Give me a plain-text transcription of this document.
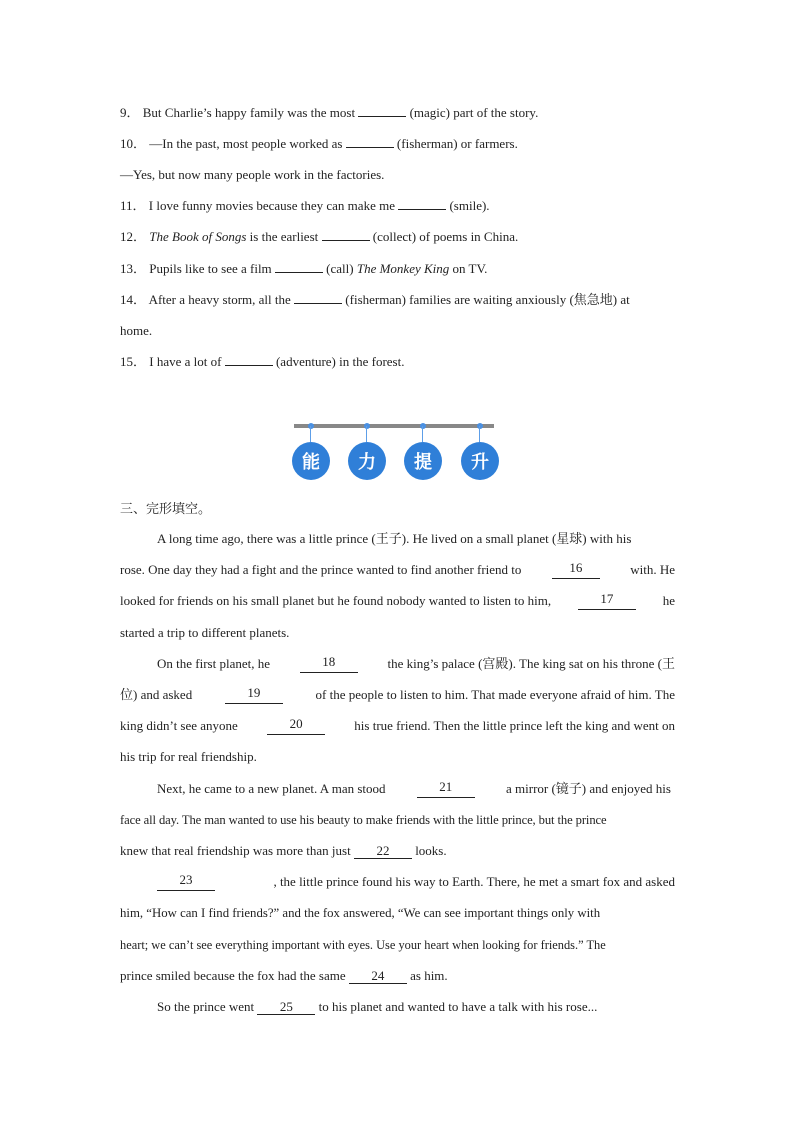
9． But Charlie’s happy family was the most	(magic) part of the story.
10． —In the past, most people worked as	(fisherman) or farmers.
—Yes, but now many people work in the factories.
11． I love funny movies because they can make me	(smile).
12． The Book of Songs is the earliest	(collect) of poems in China.
13． Pupils like to see a film	(call) The Monkey King on TV.
14． After a heavy storm, all the	(fisherman) families are waiting anxiously (焦急地) at
home.
15． I have a lot of	(adventure) in the forest.
能	力	提	升
三、完形填空。
A long time ago, there was a little prince (王子). He lived on a small planet (星球) with his
rose. One day they had a fight and the prince wanted to find another friend to	16	with. He
looked for friends on his small planet but he found nobody wanted to listen to him,	17	he
started a trip to different planets.
On the first planet, he	18	the king’s palace (宫殿). The king sat on his throne (王
位) and asked	19	of the people to listen to him. That made everyone afraid of him. The
king didn’t see anyone	20	his true friend. Then the little prince left the king and went on
his trip for real friendship.
Next, he came to a new planet. A man stood	21	a mirror (镜子) and enjoyed his
face all day. The man wanted to use his beauty to make friends with the little prince, but the prince
knew that real friendship was more than just 22 looks.
23	, the little prince found his way to Earth. There, he met a smart fox and asked
him, “How can I find friends?” and the fox answered, “We can see important things only with
heart; we can’t see everything important with eyes. Use your heart when looking for friends.” The
prince smiled because the fox had the same 24 as him.
So the prince went 25 to his planet and wanted to have a talk with his rose...
